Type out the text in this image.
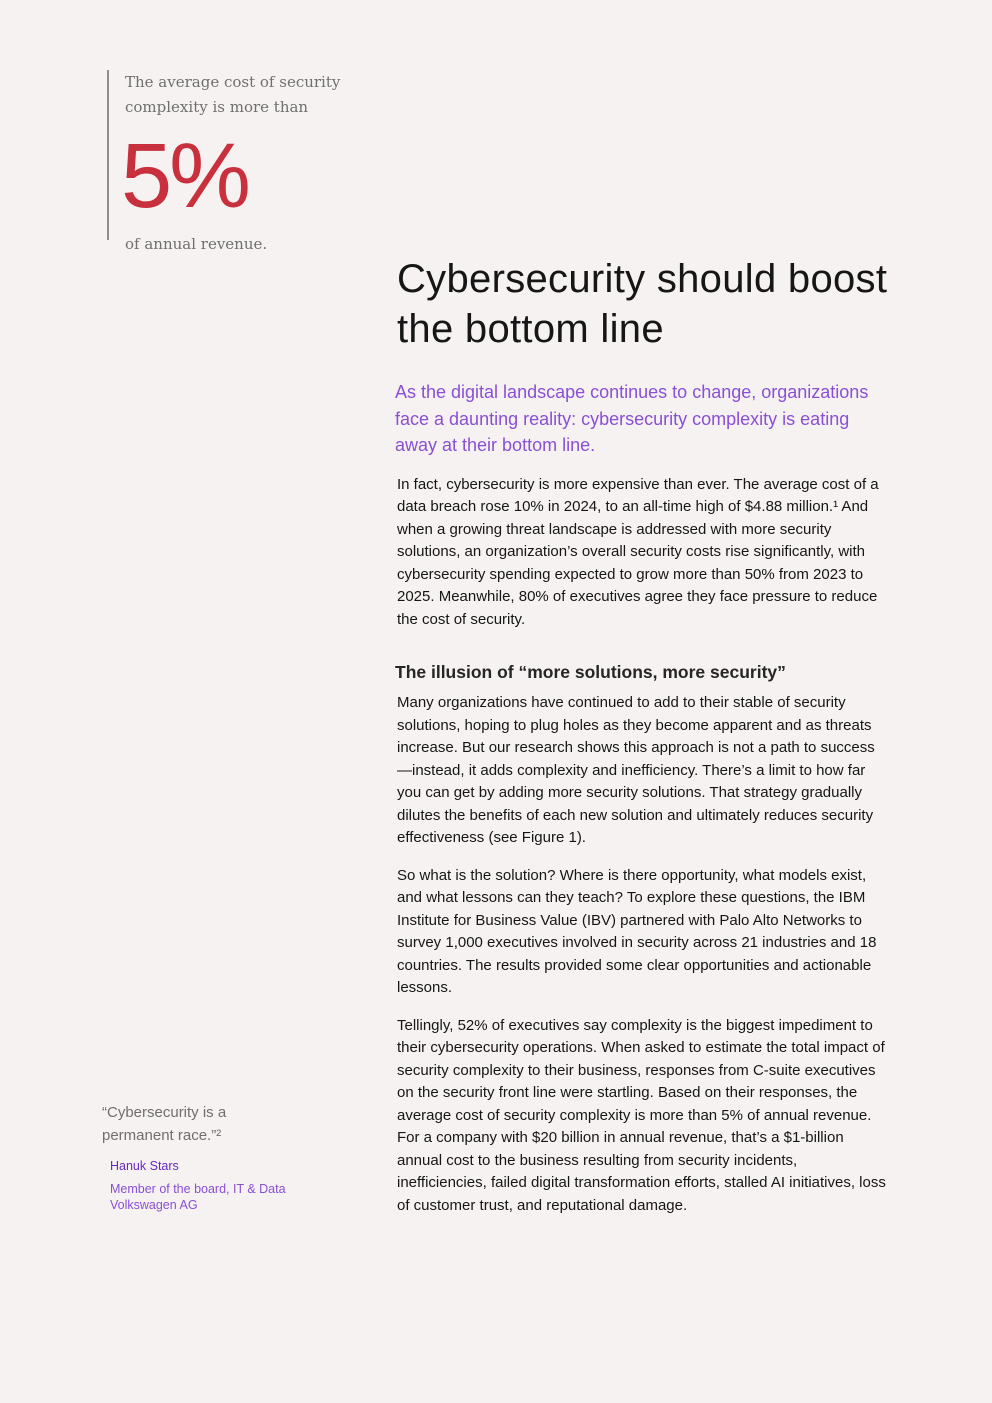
The average cost of security complexity is more than

5%

of annual revenue.

Cybersecurity should boost the bottom line

As the digital landscape continues to change, organizations face a daunting reality: cybersecurity complexity is eating away at their bottom line.

In fact, cybersecurity is more expensive than ever. The average cost of a data breach rose 10% in 2024, to an all-time high of $4.88 million.¹ And when a growing threat landscape is addressed with more security solutions, an organization’s overall security costs rise significantly, with cybersecurity spending expected to grow more than 50% from 2023 to 2025. Meanwhile, 80% of executives agree they face pressure to reduce the cost of security.

The illusion of “more solutions, more security”

Many organizations have continued to add to their stable of security solutions, hoping to plug holes as they become apparent and as threats increase. But our research shows this approach is not a path to success—instead, it adds complexity and inefficiency. There’s a limit to how far you can get by adding more security solutions. That strategy gradually dilutes the benefits of each new solution and ultimately reduces security effectiveness (see Figure 1).

So what is the solution? Where is there opportunity, what models exist, and what lessons can they teach? To explore these questions, the IBM Institute for Business Value (IBV) partnered with Palo Alto Networks to survey 1,000 executives involved in security across 21 industries and 18 countries. The results provided some clear opportunities and actionable lessons.

Tellingly, 52% of executives say complexity is the biggest impediment to their cybersecurity operations. When asked to estimate the total impact of security complexity to their business, responses from C-suite executives on the security front line were startling. Based on their responses, the average cost of security complexity is more than 5% of annual revenue. For a company with $20 billion in annual revenue, that’s a $1-billion annual cost to the business resulting from security incidents, inefficiencies, failed digital transformation efforts, stalled AI initiatives, loss of customer trust, and reputational damage.

“Cybersecurity is a permanent race.”²

Hanuk Stars
Member of the board, IT & Data
Volkswagen AG
